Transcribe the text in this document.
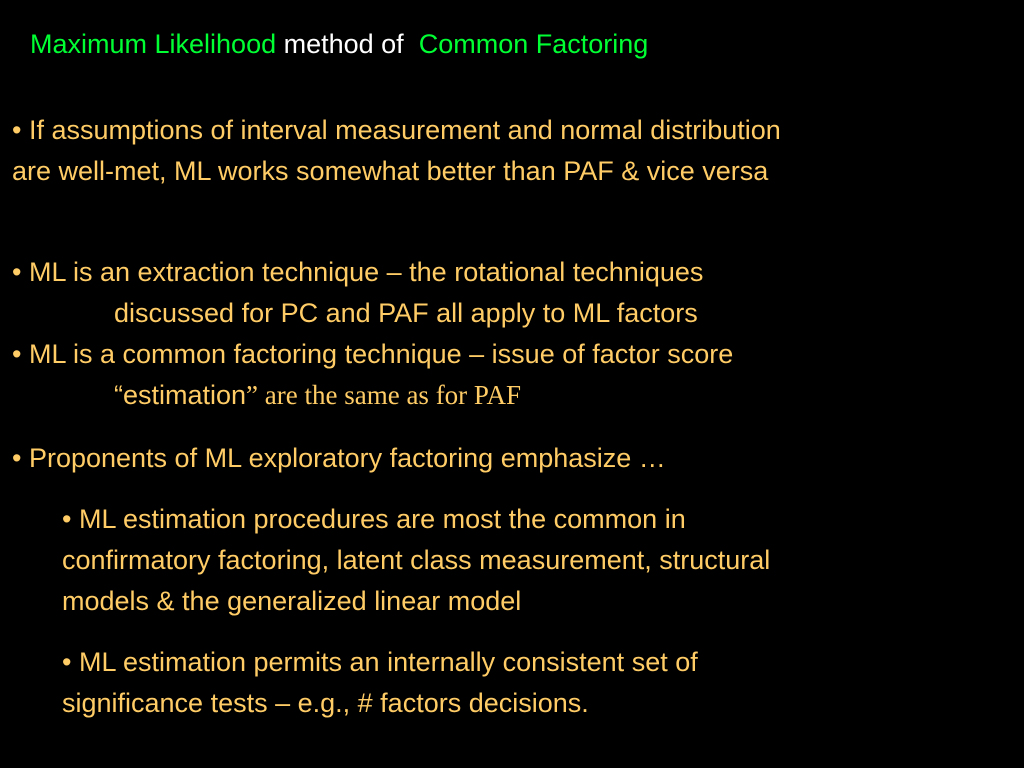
Maximum Likelihood method of  Common Factoring
• If assumptions of interval measurement and normal distribution
are well-met, ML works somewhat better than PAF & vice versa
• ML is an extraction technique – the rotational techniques
discussed for PC and PAF all apply to ML factors
• ML is a common factoring technique – issue of factor score
“estimation” are the same as for PAF
• Proponents of ML exploratory factoring emphasize …
• ML estimation procedures are most the common in
confirmatory factoring, latent class measurement, structural
models & the generalized linear model
• ML estimation permits an internally consistent set of
significance tests – e.g., # factors decisions.
